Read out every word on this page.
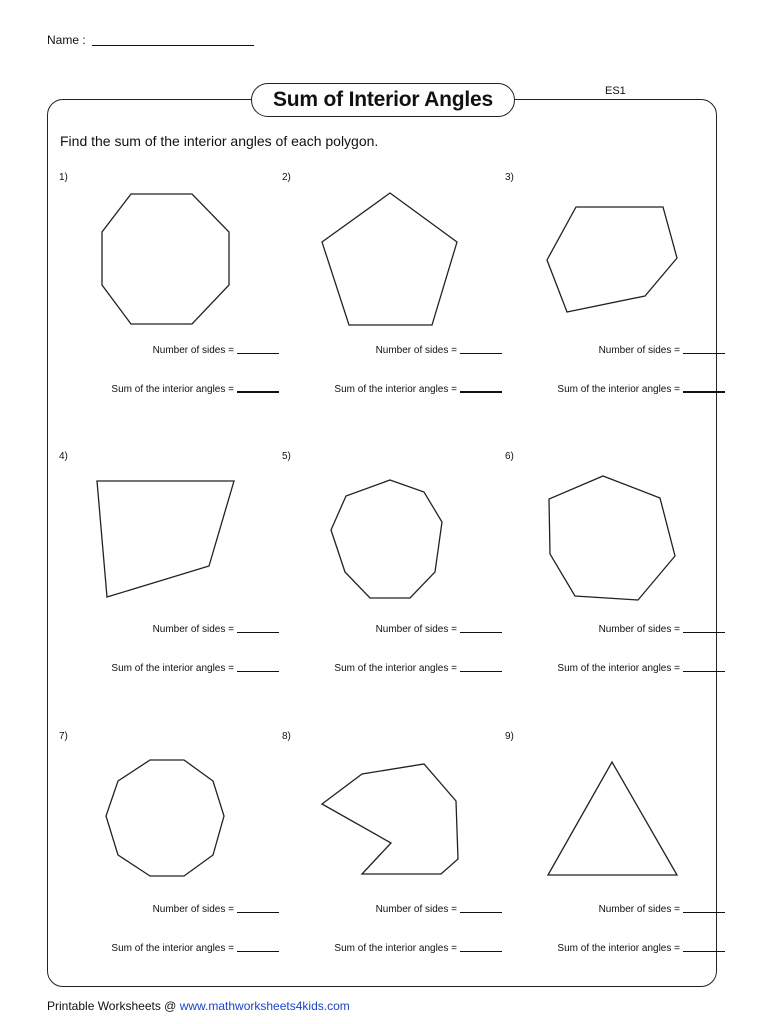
Name :
Sum of Interior Angles	ES1
Find the sum of the interior angles of each polygon.
1)
Number of sides =
Sum of the interior angles =
2)
Number of sides =
Sum of the interior angles =
3)
Number of sides =
Sum of the interior angles =
4)
Number of sides =
Sum of the interior angles =
5)
Number of sides =
Sum of the interior angles =
6)
Number of sides =
Sum of the interior angles =
7)
Number of sides =
Sum of the interior angles =
8)
Number of sides =
Sum of the interior angles =
9)
Number of sides =
Sum of the interior angles =
Printable Worksheets @ www.mathworksheets4kids.com
